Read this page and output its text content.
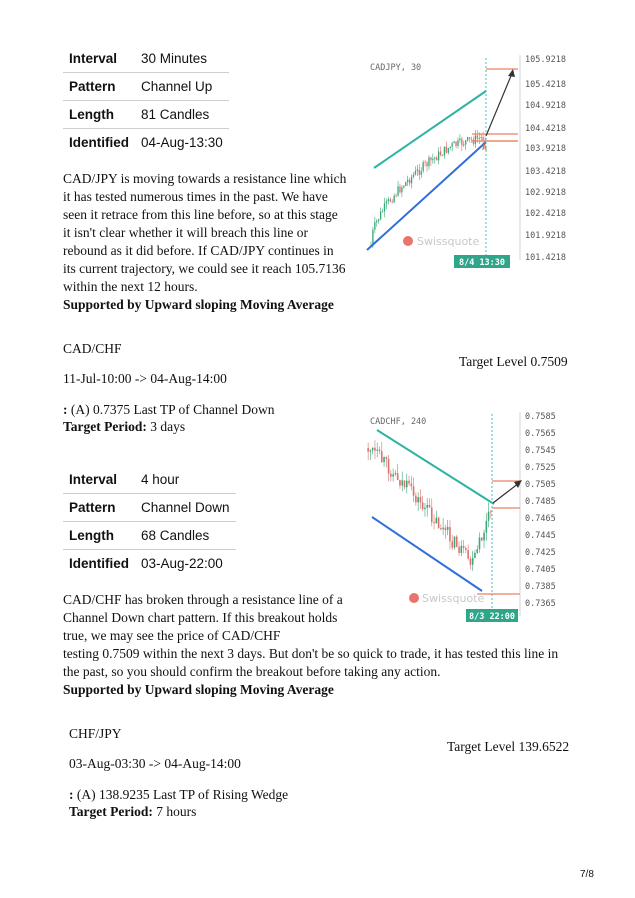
Interval	30 Minutes
Pattern	Channel Up
Length	81 Candles
Identified	04-Aug-13:30
CAD/JPY is moving towards a resistance line which it has tested numerous times in the past. We have seen it retrace from this line before, so at this stage it isn't clear whether it will breach this line or rebound as it did before. If CAD/JPY continues in its current trajectory, we could see it reach 105.7136 within the next 12 hours.
Supported by Upward sloping Moving Average
CADJPY, 30
105.9218
105.4218
104.9218
104.4218
103.9218
103.4218
102.9218
102.4218
101.9218
101.4218
A
Swissquote
8/4 13:30
CAD/CHF
Target Level 0.7509
11-Jul-10:00 -> 04-Aug-14:00
: (A) 0.7375 Last TP of Channel Down
Target Period: 3 days
Interval	4 hour
Pattern	Channel Down
Length	68 Candles
Identified	03-Aug-22:00
CAD/CHF has broken through a resistance line of a Channel Down chart pattern. If this breakout holds true, we may see the price of CAD/CHF
testing 0.7509 within the next 3 days. But don't be so quick to trade, it has tested this line in the past, so you should confirm the breakout before taking any action.
Supported by Upward sloping Moving Average
CADCHF, 240	0.7585
0.7565
0.7545
0.7525
0.7505
0.7485
0.7465
0.7445
0.7425
0.7405
0.7385
0.7365
Swissquote
8/3 22:00
CHF/JPY
Target Level 139.6522
03-Aug-03:30 -> 04-Aug-14:00
: (A) 138.9235 Last TP of Rising Wedge
Target Period: 7 hours
7/8
